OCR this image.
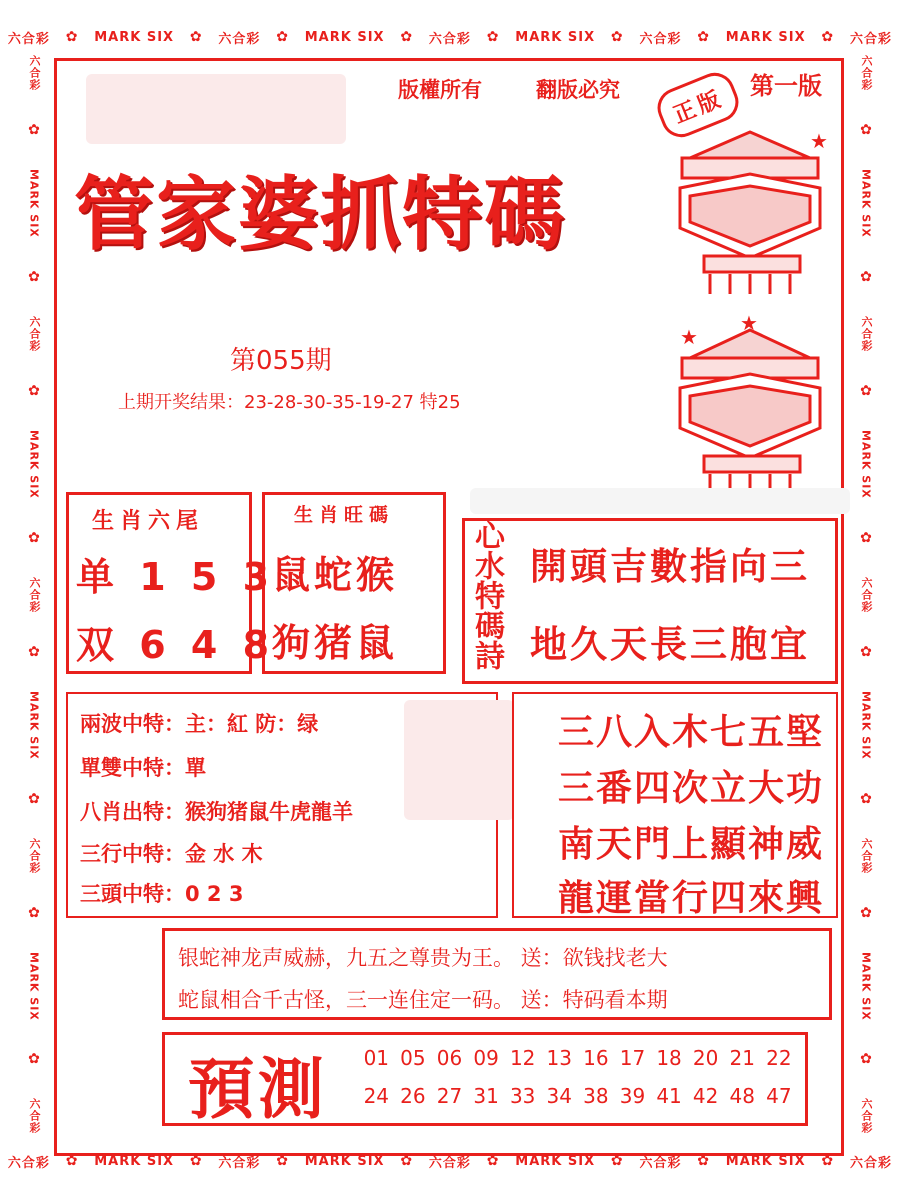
六合彩 ✿ MARK SIX ✿ 六合彩 ✿ MARK SIX ✿ 六合彩 ✿ MARK SIX ✿ 六合彩 ✿ MARK SIX ✿ 六合彩
六合彩 ✿ MARK SIX ✿ 六合彩 ✿ MARK SIX ✿ 六合彩 ✿ MARK SIX ✿ 六合彩 ✿ MARK SIX ✿ 六合彩
六合彩
✿
MARK SIX
✿
六合彩
✿
MARK SIX
✿
六合彩
✿
MARK SIX
✿
六合彩
✿
MARK SIX
✿
六合彩
六合彩
✿
MARK SIX
✿
六合彩
✿
MARK SIX
✿
六合彩
✿
MARK SIX
✿
六合彩
✿
MARK SIX
✿
六合彩
版權所有	翻版必究	第一版
正版
管家婆抓特碼
★
★
★
第055期
上期开奖结果：23-28-30-35-19-27 特25
生肖六尾
单 1 5 3
双 6 4 8
生肖旺碼
鼠蛇猴
狗猪鼠 心水特碼詩 開頭吉數指向三
地久天長三胞宜
兩波中特：主：紅 防：绿
單雙中特：單
八肖出特：猴狗猪鼠牛虎龍羊
三行中特：金 水 木
三頭中特：0 2 3
三八入木七五堅
三番四次立大功
南天門上顯神威
龍運當行四來興
银蛇神龙声威赫，九五之尊贵为王。 送：欲钱找老大
蛇鼠相合千古怪，三一连住定一码。 送：特码看本期
預測 01 05 06 09 12 13 16 17 18 20 21 22
24 26 27 31 33 34 38 39 41 42 48 47
